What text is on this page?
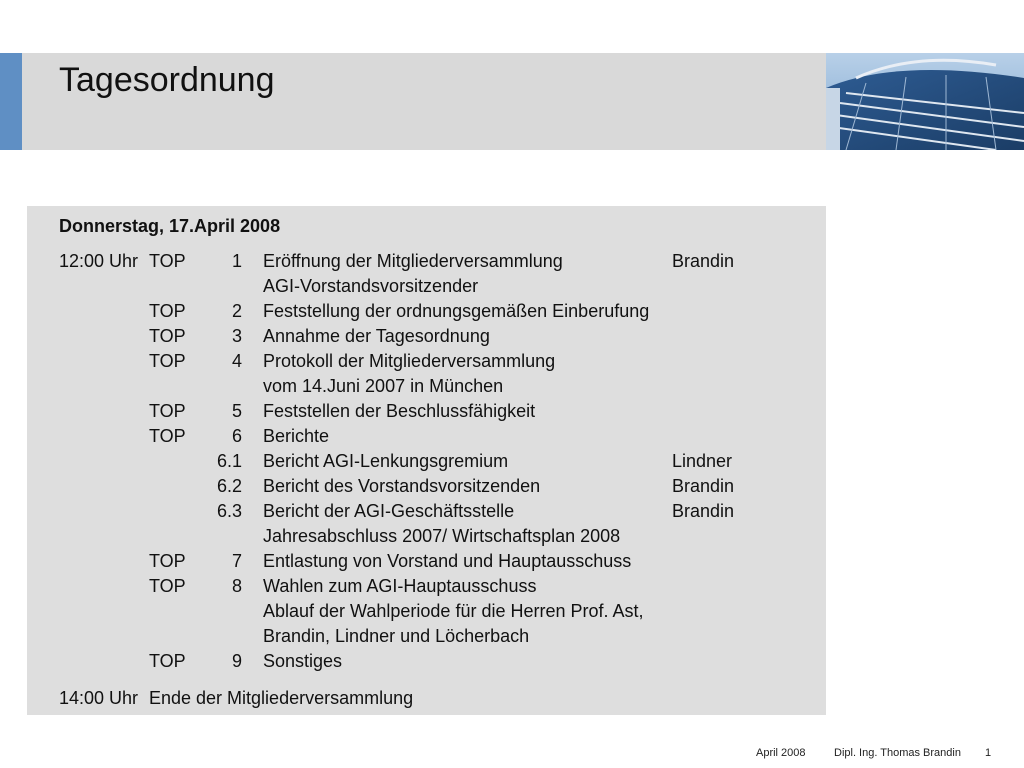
Tagesordnung
Donnerstag, 17.April 2008
12:00 Uhr TOP	1 Eröffnung der Mitgliederversammlung	Brandin
AGI-Vorstandsvorsitzender
TOP	2 Feststellung der ordnungsgemäßen Einberufung
TOP	3 Annahme der Tagesordnung
TOP	4 Protokoll der Mitgliederversammlung
vom 14.Juni 2007 in München
TOP	5 Feststellen der Beschlussfähigkeit
TOP	6 Berichte
6.1 Bericht AGI-Lenkungsgremium	Lindner
6.2 Bericht des Vorstandsvorsitzenden	Brandin
6.3 Bericht der AGI-Geschäftsstelle	Brandin
Jahresabschluss 2007/ Wirtschaftsplan 2008
TOP	7 Entlastung von Vorstand und Hauptausschuss
TOP	8 Wahlen zum AGI-Hauptausschuss
Ablauf der Wahlperiode für die Herren Prof. Ast,
Brandin, Lindner und Löcherbach
TOP	9 Sonstiges
14:00 Uhr Ende der Mitgliederversammlung
April 2008	Dipl. Ing. Thomas Brandin 1
